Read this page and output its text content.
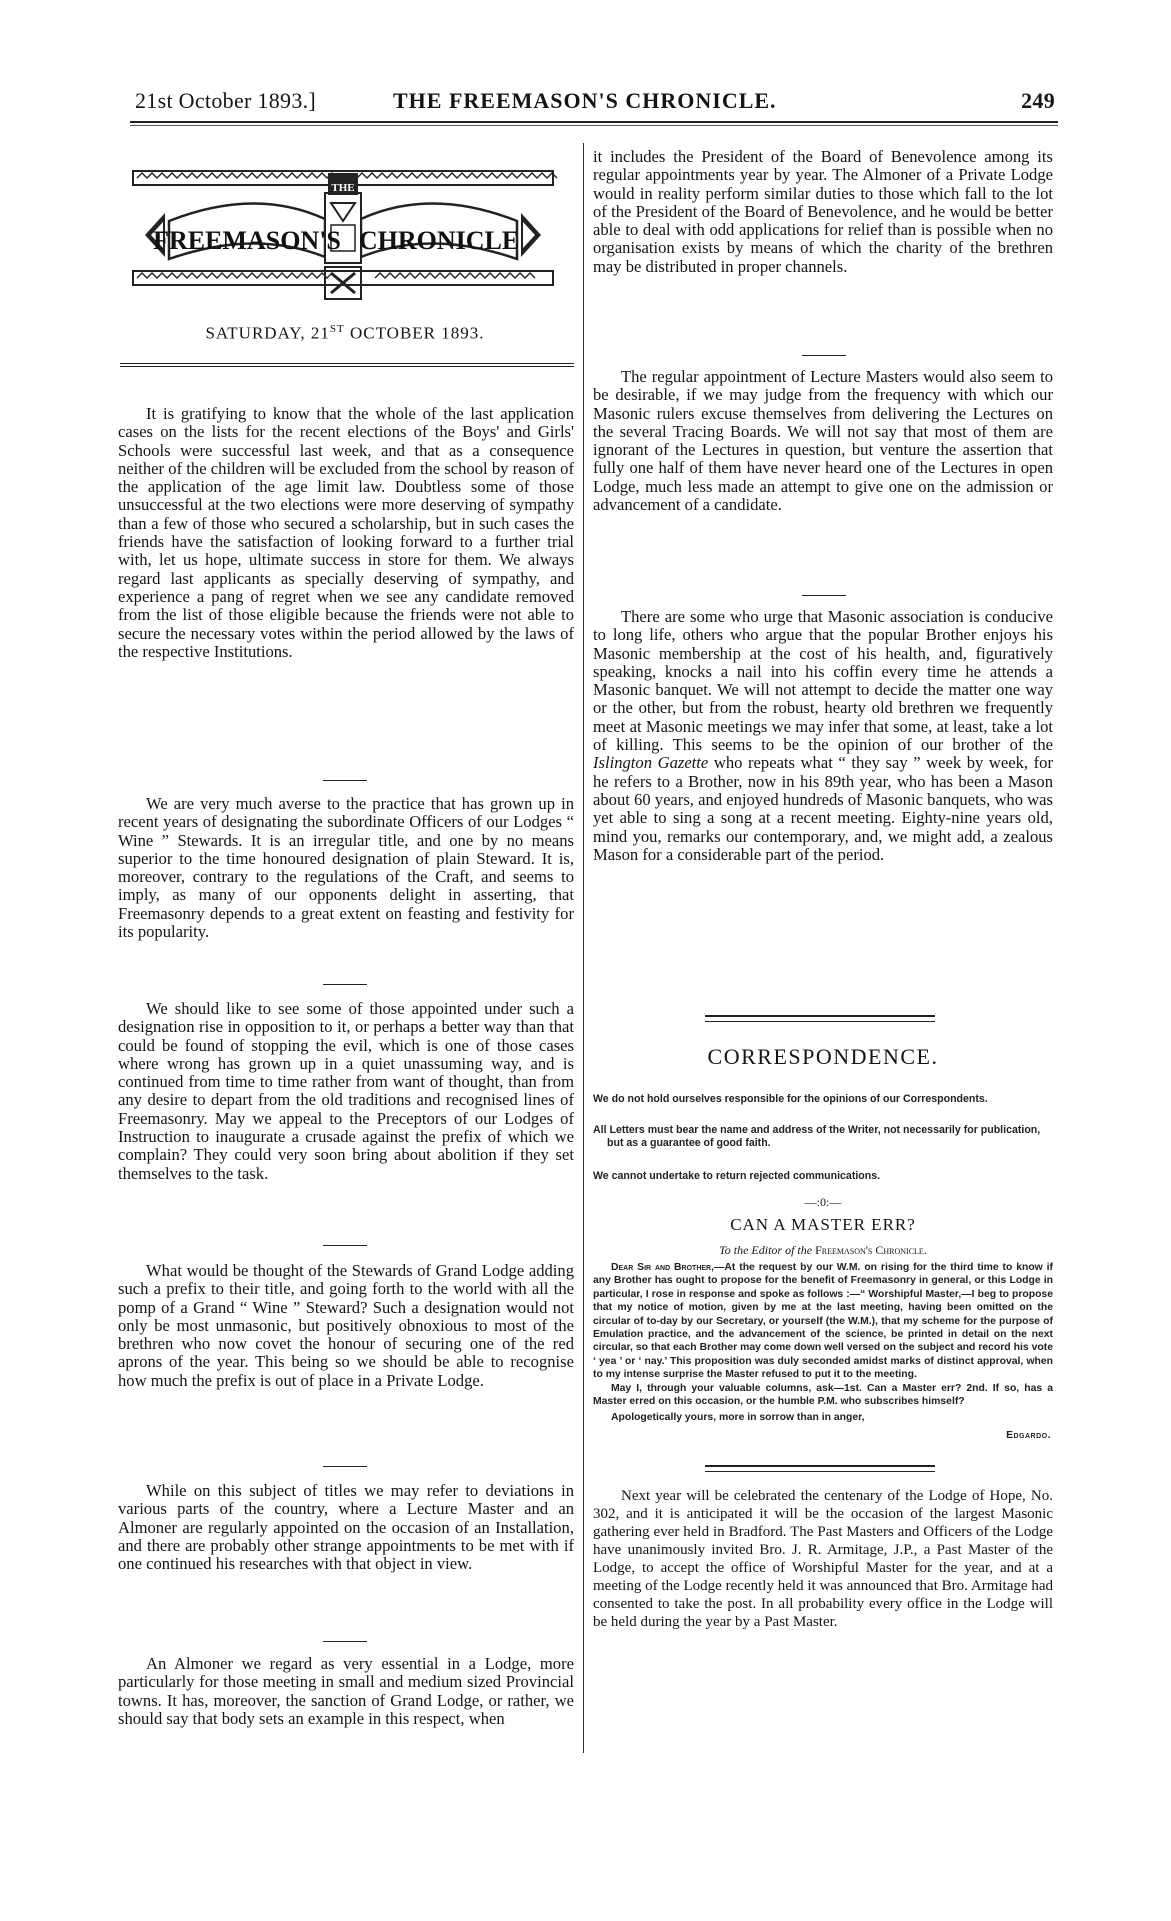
21st October 1893.]	THE FREEMASON'S CHRONICLE.	249
FREEMASON'S
THE
CHRONICLE
SATURDAY, 21ST OCTOBER 1893.

It is gratifying to know that the whole of the last application cases on the lists for the recent elections of the Boys' and Girls' Schools were successful last week, and that as a consequence neither of the children will be excluded from the school by reason of the application of the age limit law. Doubtless some of those unsuccessful at the two elections were more deserving of sympathy than a few of those who secured a scholarship, but in such cases the friends have the satisfaction of looking forward to a further trial with, let us hope, ultimate success in store for them. We always regard last applicants as specially deserving of sympathy, and experience a pang of regret when we see any candidate removed from the list of those eligible because the friends were not able to secure the necessary votes within the period allowed by the laws of the respective Institutions.

We are very much averse to the practice that has grown up in recent years of designating the subordinate Officers of our Lodges “ Wine ” Stewards. It is an irregular title, and one by no means superior to the time honoured designation of plain Steward. It is, moreover, contrary to the regulations of the Craft, and seems to imply, as many of our opponents delight in asserting, that Freemasonry depends to a great extent on feasting and festivity for its popularity.

We should like to see some of those appointed under such a designation rise in opposition to it, or perhaps a better way than that could be found of stopping the evil, which is one of those cases where wrong has grown up in a quiet unassuming way, and is continued from time to time rather from want of thought, than from any desire to depart from the old traditions and recognised lines of Freemasonry. May we appeal to the Preceptors of our Lodges of Instruction to inaugurate a crusade against the prefix of which we complain? They could very soon bring about abolition if they set themselves to the task.

What would be thought of the Stewards of Grand Lodge adding such a prefix to their title, and going forth to the world with all the pomp of a Grand “ Wine ” Steward? Such a designation would not only be most unmasonic, but positively obnoxious to most of the brethren who now covet the honour of securing one of the red aprons of the year. This being so we should be able to recognise how much the prefix is out of place in a Private Lodge.

While on this subject of titles we may refer to deviations in various parts of the country, where a Lecture Master and an Almoner are regularly appointed on the occasion of an Installation, and there are probably other strange appointments to be met with if one continued his researches with that object in view.

An Almoner we regard as very essential in a Lodge, more particularly for those meeting in small and medium sized Provincial towns. It has, moreover, the sanction of Grand Lodge, or rather, we should say that body sets an example in this respect, when

it includes the President of the Board of Benevolence among its regular appointments year by year. The Almoner of a Private Lodge would in reality perform similar duties to those which fall to the lot of the President of the Board of Benevolence, and he would be better able to deal with odd applications for relief than is possible when no organisation exists by means of which the charity of the brethren may be distributed in proper channels.

The regular appointment of Lecture Masters would also seem to be desirable, if we may judge from the frequency with which our Masonic rulers excuse themselves from delivering the Lectures on the several Tracing Boards. We will not say that most of them are ignorant of the Lectures in question, but venture the assertion that fully one half of them have never heard one of the Lectures in open Lodge, much less made an attempt to give one on the admission or advancement of a candidate.

There are some who urge that Masonic association is conducive to long life, others who argue that the popular Brother enjoys his Masonic membership at the cost of his health, and, figuratively speaking, knocks a nail into his coffin every time he attends a Masonic banquet. We will not attempt to decide the matter one way or the other, but from the robust, hearty old brethren we frequently meet at Masonic meetings we may infer that some, at least, take a lot of killing. This seems to be the opinion of our brother of the Islington Gazette who repeats what “ they say ” week by week, for he refers to a Brother, now in his 89th year, who has been a Mason about 60 years, and enjoyed hundreds of Masonic banquets, who was yet able to sing a song at a recent meeting. Eighty-nine years old, mind you, remarks our contemporary, and, we might add, a zealous Mason for a considerable part of the period.

CORRESPONDENCE.
We do not hold ourselves responsible for the opinions of our Correspondents.
All Letters must bear the name and address of the Writer, not necessarily for publication, but as a guarantee of good faith.
We cannot undertake to return rejected communications.
—:0:—
CAN A MASTER ERR?
To the Editor of the Freemason's Chronicle.

Dear Sir and Brother,—At the request by our W.M. on rising for the third time to know if any Brother has ought to propose for the benefit of Freemasonry in general, or this Lodge in particular, I rose in response and spoke as follows :—“ Worshipful Master,—I beg to propose that my notice of motion, given by me at the last meeting, having been omitted on the circular of to-day by our Secretary, or yourself (the W.M.), that my scheme for the purpose of Emulation practice, and the advancement of the science, be printed in detail on the next circular, so that each Brother may come down well versed on the subject and record his vote ‘ yea ’ or ‘ nay.’ This proposition was duly seconded amidst marks of distinct approval, when to my intense surprise the Master refused to put it to the meeting.

May I, through your valuable columns, ask—1st. Can a Master err? 2nd. If so, has a Master erred on this occasion, or the humble P.M. who subscribes himself?

Apologetically yours, more in sorrow than in anger,
Edgardo.

Next year will be celebrated the centenary of the Lodge of Hope, No. 302, and it is anticipated it will be the occasion of the largest Masonic gathering ever held in Bradford. The Past Masters and Officers of the Lodge have unanimously invited Bro. J. R. Armitage, J.P., a Past Master of the Lodge, to accept the office of Worshipful Master for the year, and at a meeting of the Lodge recently held it was announced that Bro. Armitage had consented to take the post. In all probability every office in the Lodge will be held during the year by a Past Master.
